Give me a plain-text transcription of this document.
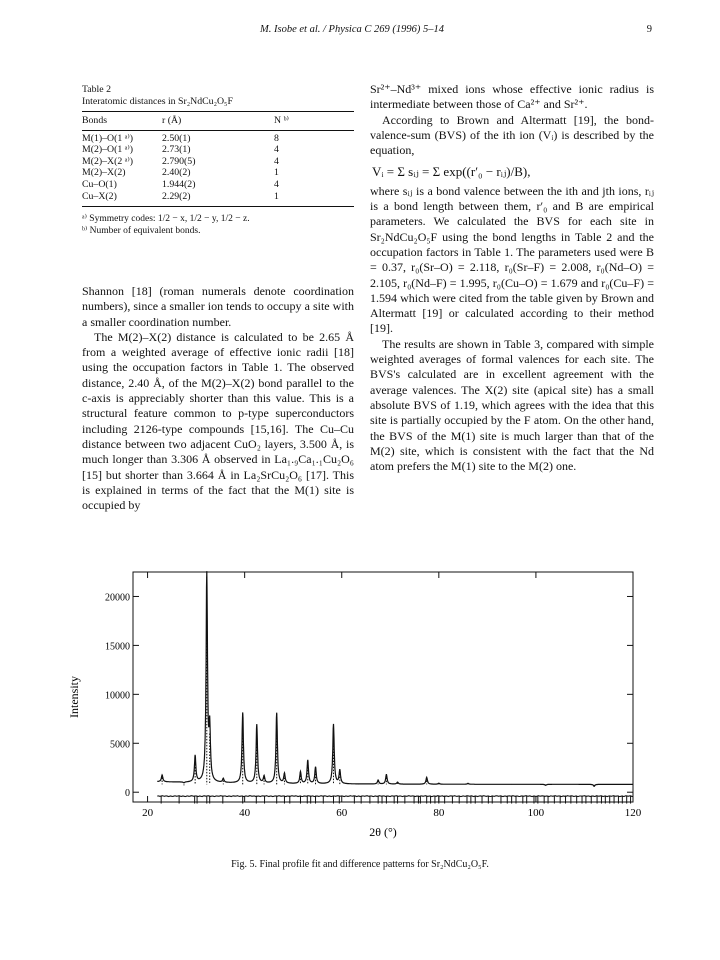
M. Isobe et al. / Physica C 269 (1996) 5–14	9
Table 2
Interatomic distances in Sr₂NdCu₂O₅F
Bonds	r (Å)	N ᵇ⁾
M(1)–O(1 ᵃ⁾)	2.50(1)	8
M(2)–O(1 ᵃ⁾)	2.73(1)	4
M(2)–X(2 ᵃ⁾)	2.790(5)	4
M(2)–X(2)	2.40(2)	1
Cu–O(1)	1.944(2)	4
Cu–X(2)	2.29(2)	1
ᵃ⁾ Symmetry codes: 1/2 − x, 1/2 − y, 1/2 − z.
ᵇ⁾ Number of equivalent bonds.

Shannon [18] (roman numerals denote coordination numbers), since a smaller ion tends to occupy a site with a smaller coordination number.

The M(2)–X(2) distance is calculated to be 2.65 Å from a weighted average of effective ionic radii [18] using the occupation factors in Table 1. The observed distance, 2.40 Å, of the M(2)–X(2) bond parallel to the c-axis is appreciably shorter than this value. This is a structural feature common to p-type superconductors including 2126-type compounds [15,16]. The Cu–Cu distance between two adjacent CuO₂ layers, 3.500 Å, is much longer than 3.306 Å observed in La₁.₉Ca₁.₁Cu₂O₆ [15] but shorter than 3.664 Å in La₂SrCu₂O₆ [17]. This is explained in terms of the fact that the M(1) site is occupied by

Sr²⁺–Nd³⁺ mixed ions whose effective ionic radius is intermediate between those of Ca²⁺ and Sr²⁺.

According to Brown and Altermatt [19], the bond-valence-sum (BVS) of the ith ion (Vᵢ) is described by the equation,

Vᵢ = Σ sᵢⱼ = Σ exp((r′₀ − rᵢⱼ)/B),

where sᵢⱼ is a bond valence between the ith and jth ions, rᵢⱼ is a bond length between them, r′₀ and B are empirical parameters. We calculated the BVS for each site in Sr₂NdCu₂O₅F using the bond lengths in Table 2 and the occupation factors in Table 1. The parameters used were B = 0.37, r₀(Sr–O) = 2.118, r₀(Sr–F) = 2.008, r₀(Nd–O) = 2.105, r₀(Nd–F) = 1.995, r₀(Cu–O) = 1.679 and r₀(Cu–F) = 1.594 which were cited from the table given by Brown and Altermatt [19] or calculated according to their method [19].

The results are shown in Table 3, compared with simple weighted averages of formal valences for each site. The BVS's calculated are in excellent agreement with the average valences. The X(2) site (apical site) has a small absolute BVS of 1.19, which agrees with the idea that this site is partially occupied by the F atom. On the other hand, the BVS of the M(1) site is much larger than that of the M(2) site, which is consistent with the fact that the Nd atom prefers the M(1) site to the M(2) one.

20	40	60	80	100	120
0
5000
10000
15000
20000
2θ (°)
Intensity
Fig. 5. Final profile fit and difference patterns for Sr₂NdCu₂O₅F.
